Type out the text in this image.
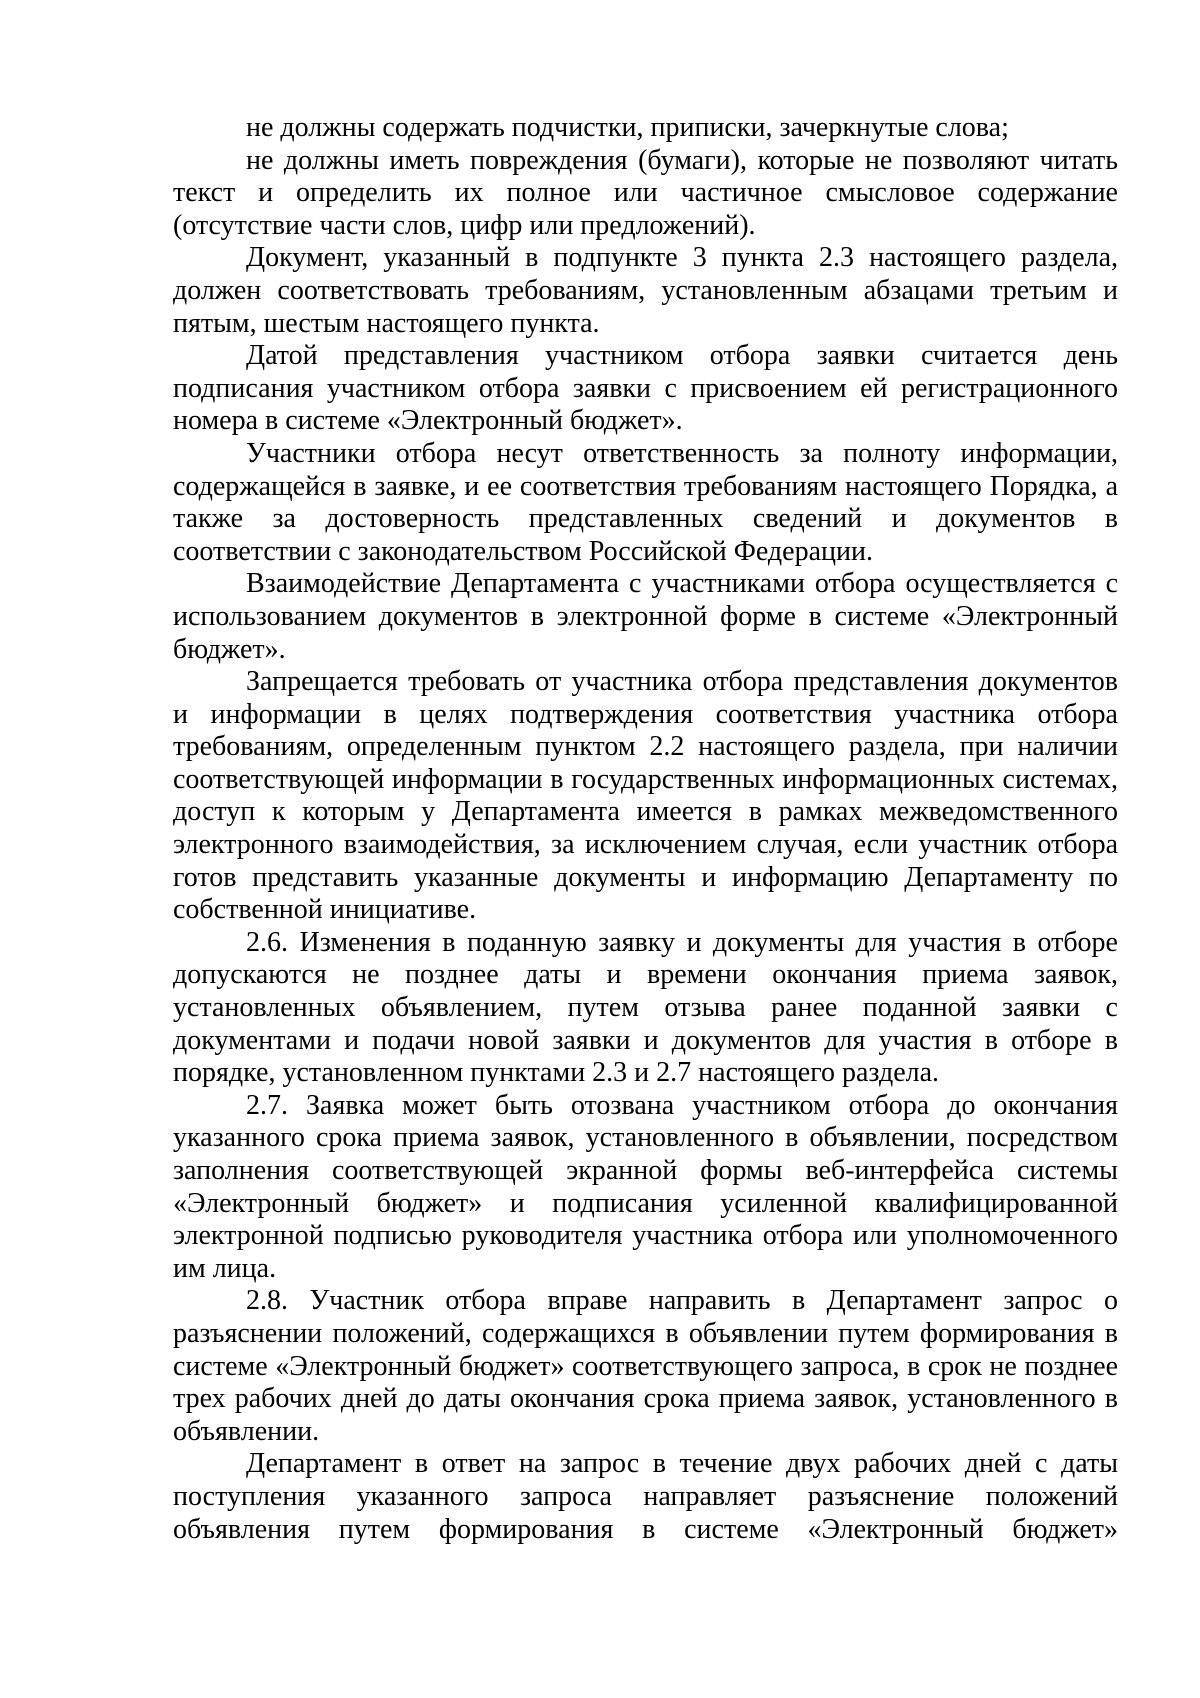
не должны содержать подчистки, приписки, зачеркнутые слова;

не должны иметь повреждения (бумаги), которые не позволяют читать текст и определить их полное или частичное смысловое содержание (отсутствие части слов, цифр или предложений).

Документ, указанный в подпункте 3 пункта 2.3 настоящего раздела, должен соответствовать требованиям, установленным абзацами третьим и пятым, шестым настоящего пункта.

Датой представления участником отбора заявки считается день подписания участником отбора заявки с присвоением ей регистрационного номера в системе «Электронный бюджет».

Участники отбора несут ответственность за полноту информации, содержащейся в заявке, и ее соответствия требованиям настоящего Порядка, а также за достоверность представленных сведений и документов в соответствии с законодательством Российской Федерации.

Взаимодействие Департамента с участниками отбора осуществляется с использованием документов в электронной форме в системе «Электронный бюджет».

Запрещается требовать от участника отбора представления документов и информации в целях подтверждения соответствия участника отбора требованиям, определенным пунктом 2.2 настоящего раздела, при наличии соответствующей информации в государственных информационных системах, доступ к которым у Департамента имеется в рамках межведомственного электронного взаимодействия, за исключением случая, если участник отбора готов представить указанные документы и информацию Департаменту по собственной инициативе.

2.6. Изменения в поданную заявку и документы для участия в отборе допускаются не позднее даты и времени окончания приема заявок, установленных объявлением, путем отзыва ранее поданной заявки с документами и подачи новой заявки и документов для участия в отборе в порядке, установленном пунктами 2.3 и 2.7 настоящего раздела.

2.7. Заявка может быть отозвана участником отбора до окончания указанного срока приема заявок, установленного в объявлении, посредством заполнения соответствующей экранной формы веб-интерфейса системы «Электронный бюджет» и подписания усиленной квалифицированной электронной подписью руководителя участника отбора или уполномоченного им лица.

2.8. Участник отбора вправе направить в Департамент запрос о разъяснении положений, содержащихся в объявлении путем формирования в системе «Электронный бюджет» соответствующего запроса, в срок не позднее трех рабочих дней до даты окончания срока приема заявок, установленного в объявлении.

Департамент в ответ на запрос в течение двух рабочих дней с даты поступления указанного запроса направляет разъяснение положений объявления путем формирования в системе «Электронный бюджет»
